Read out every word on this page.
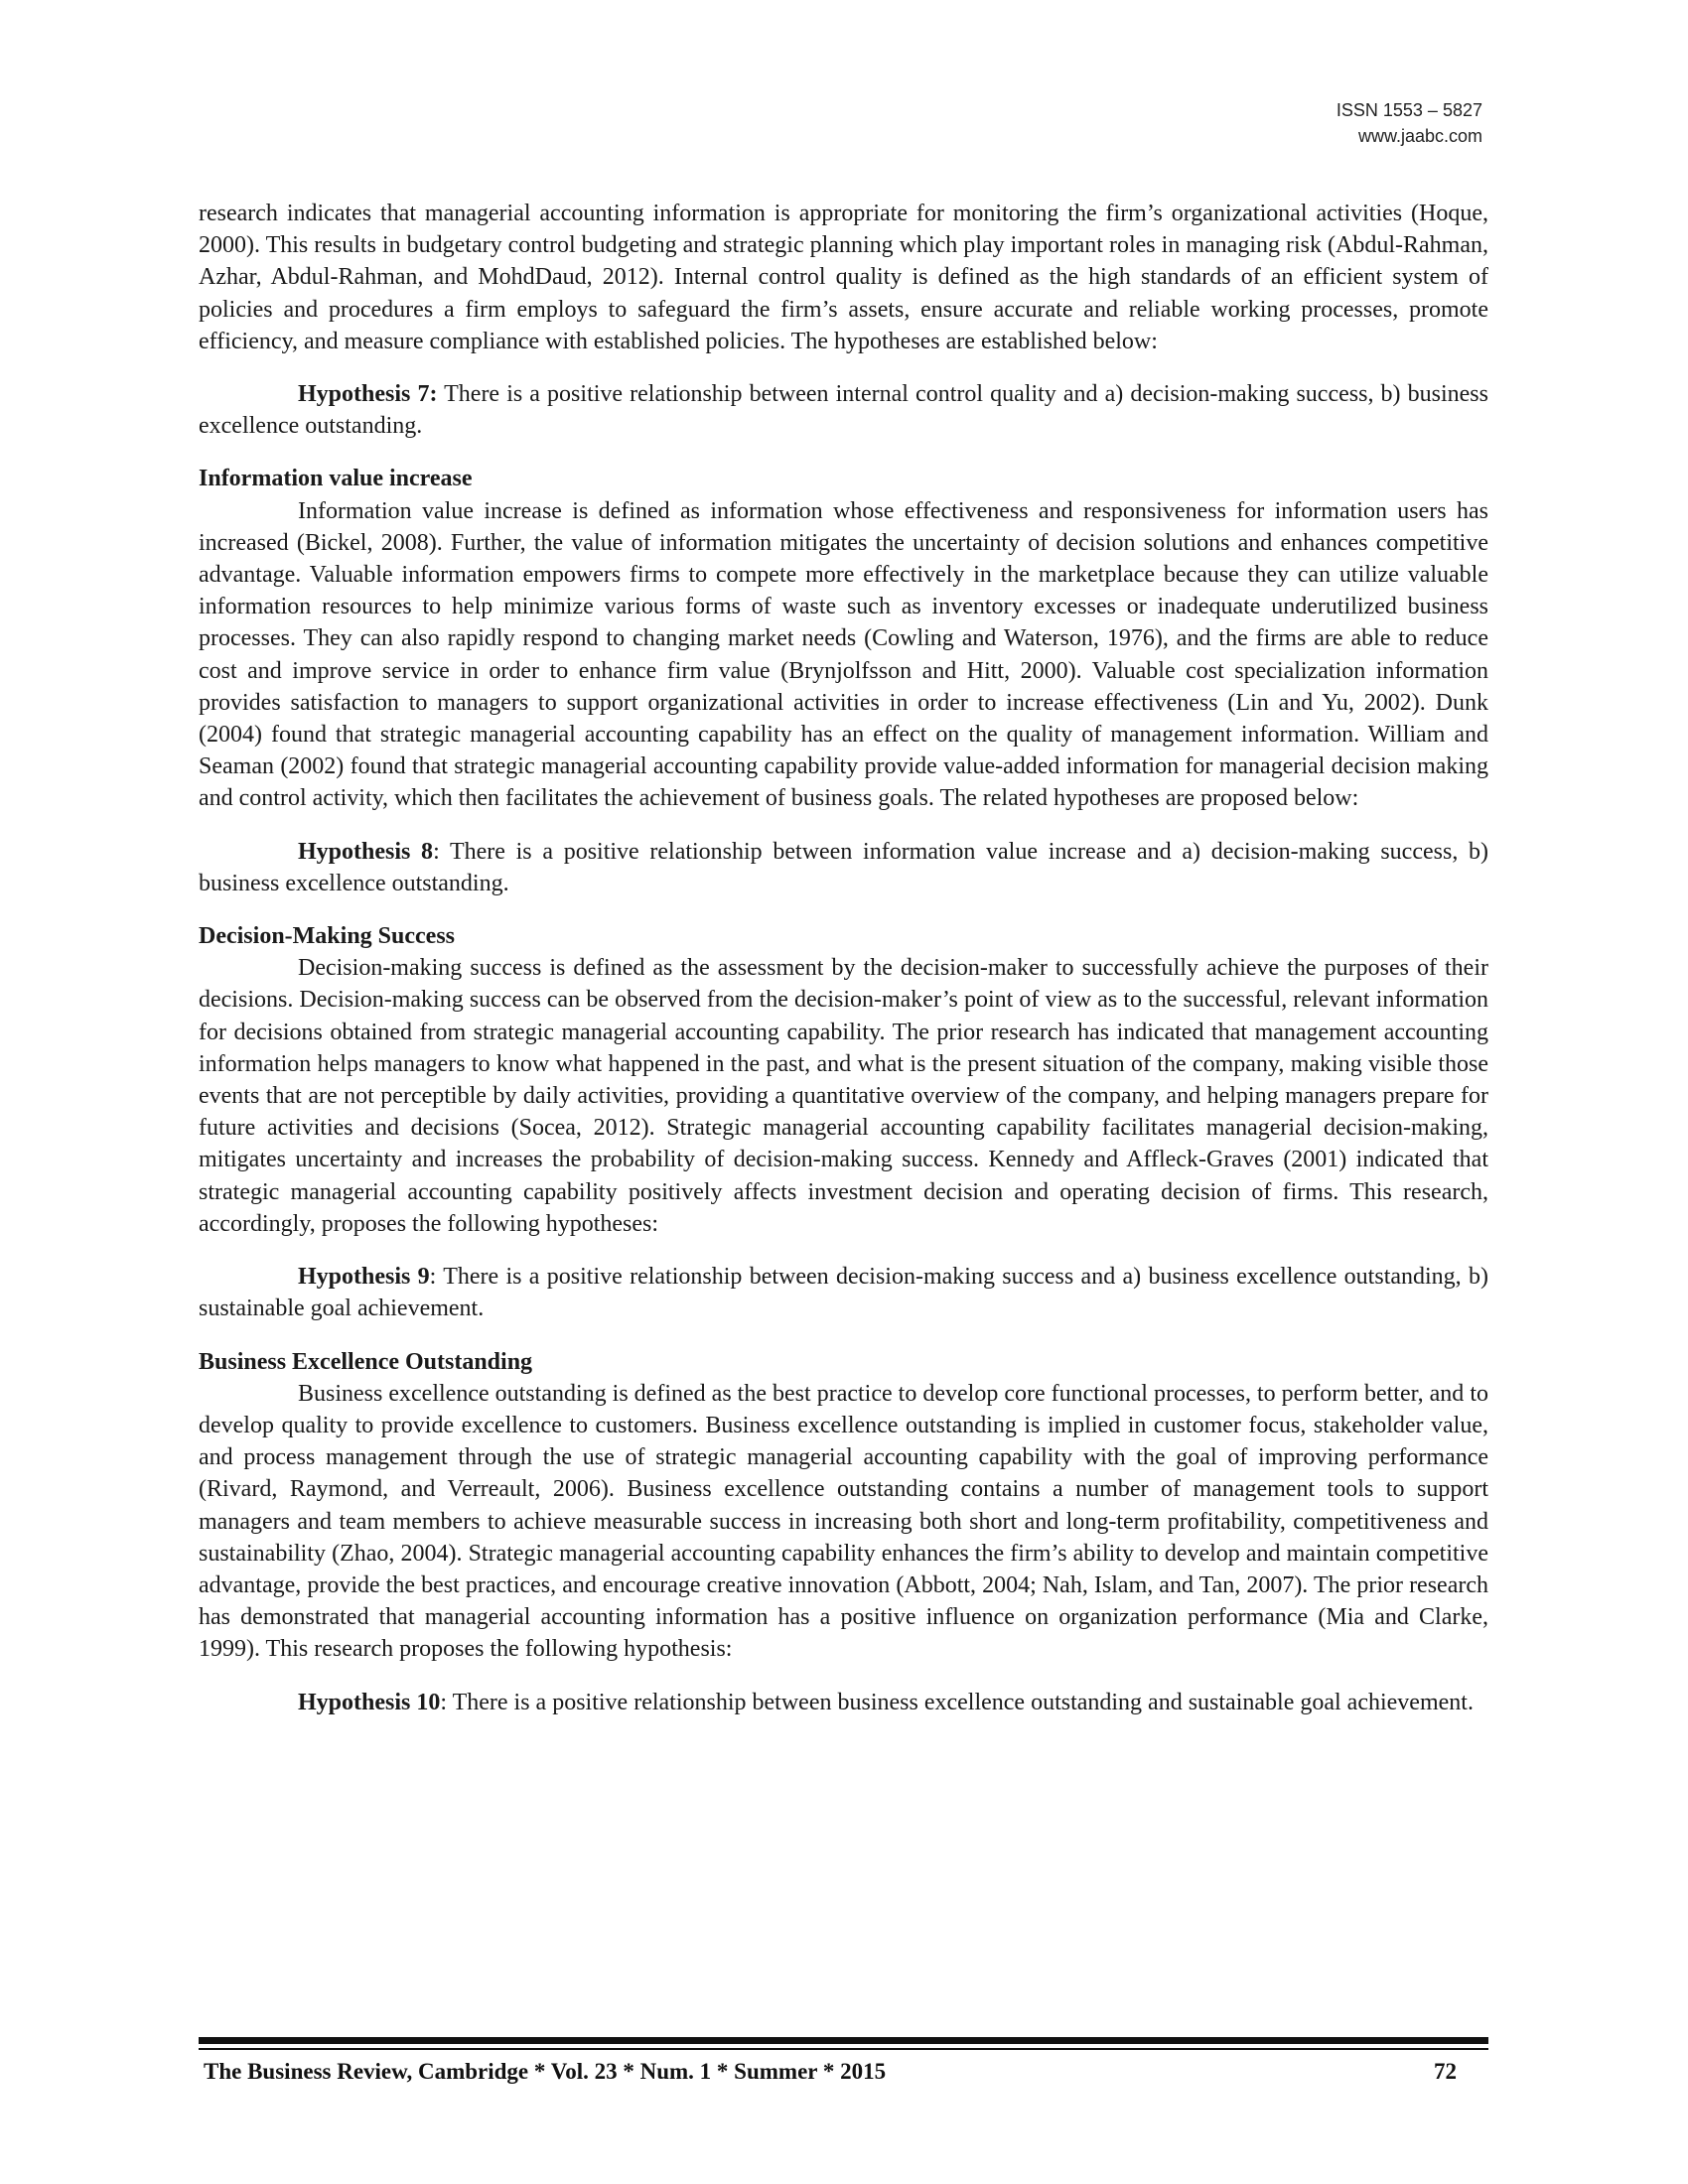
ISSN 1553 – 5827
www.jaabc.com

research indicates that managerial accounting information is appropriate for monitoring the firm’s organizational activities (Hoque, 2000). This results in budgetary control budgeting and strategic planning which play important roles in managing risk (Abdul-Rahman, Azhar, Abdul-Rahman, and MohdDaud, 2012). Internal control quality is defined as the high standards of an efficient system of policies and procedures a firm employs to safeguard the firm’s assets, ensure accurate and reliable working processes, promote efficiency, and measure compliance with established policies. The hypotheses are established below:

Hypothesis 7: There is a positive relationship between internal control quality and a) decision-making success, b) business excellence outstanding.

Information value increase

Information value increase is defined as information whose effectiveness and responsiveness for information users has increased (Bickel, 2008). Further, the value of information mitigates the uncertainty of decision solutions and enhances competitive advantage. Valuable information empowers firms to compete more effectively in the marketplace because they can utilize valuable information resources to help minimize various forms of waste such as inventory excesses or inadequate underutilized business processes. They can also rapidly respond to changing market needs (Cowling and Waterson, 1976), and the firms are able to reduce cost and improve service in order to enhance firm value (Brynjolfsson and Hitt, 2000). Valuable cost specialization information provides satisfaction to managers to support organizational activities in order to increase effectiveness (Lin and Yu, 2002). Dunk (2004) found that strategic managerial accounting capability has an effect on the quality of management information. William and Seaman (2002) found that strategic managerial accounting capability provide value-added information for managerial decision making and control activity, which then facilitates the achievement of business goals. The related hypotheses are proposed below:

Hypothesis 8: There is a positive relationship between information value increase and a) decision-making success, b) business excellence outstanding.

Decision-Making Success

Decision-making success is defined as the assessment by the decision-maker to successfully achieve the purposes of their decisions. Decision-making success can be observed from the decision-maker’s point of view as to the successful, relevant information for decisions obtained from strategic managerial accounting capability. The prior research has indicated that management accounting information helps managers to know what happened in the past, and what is the present situation of the company, making visible those events that are not perceptible by daily activities, providing a quantitative overview of the company, and helping managers prepare for future activities and decisions (Socea, 2012). Strategic managerial accounting capability facilitates managerial decision-making, mitigates uncertainty and increases the probability of decision-making success. Kennedy and Affleck-Graves (2001) indicated that strategic managerial accounting capability positively affects investment decision and operating decision of firms. This research, accordingly, proposes the following hypotheses:

Hypothesis 9: There is a positive relationship between decision-making success and a) business excellence outstanding, b) sustainable goal achievement.

Business Excellence Outstanding

Business excellence outstanding is defined as the best practice to develop core functional processes, to perform better, and to develop quality to provide excellence to customers. Business excellence outstanding is implied in customer focus, stakeholder value, and process management through the use of strategic managerial accounting capability with the goal of improving performance (Rivard, Raymond, and Verreault, 2006). Business excellence outstanding contains a number of management tools to support managers and team members to achieve measurable success in increasing both short and long-term profitability, competitiveness and sustainability (Zhao, 2004). Strategic managerial accounting capability enhances the firm’s ability to develop and maintain competitive advantage, provide the best practices, and encourage creative innovation (Abbott, 2004; Nah, Islam, and Tan, 2007). The prior research has demonstrated that managerial accounting information has a positive influence on organization performance (Mia and Clarke, 1999). This research proposes the following hypothesis:

Hypothesis 10: There is a positive relationship between business excellence outstanding and sustainable goal achievement.

The Business Review, Cambridge * Vol. 23 * Num. 1 * Summer * 2015	72
